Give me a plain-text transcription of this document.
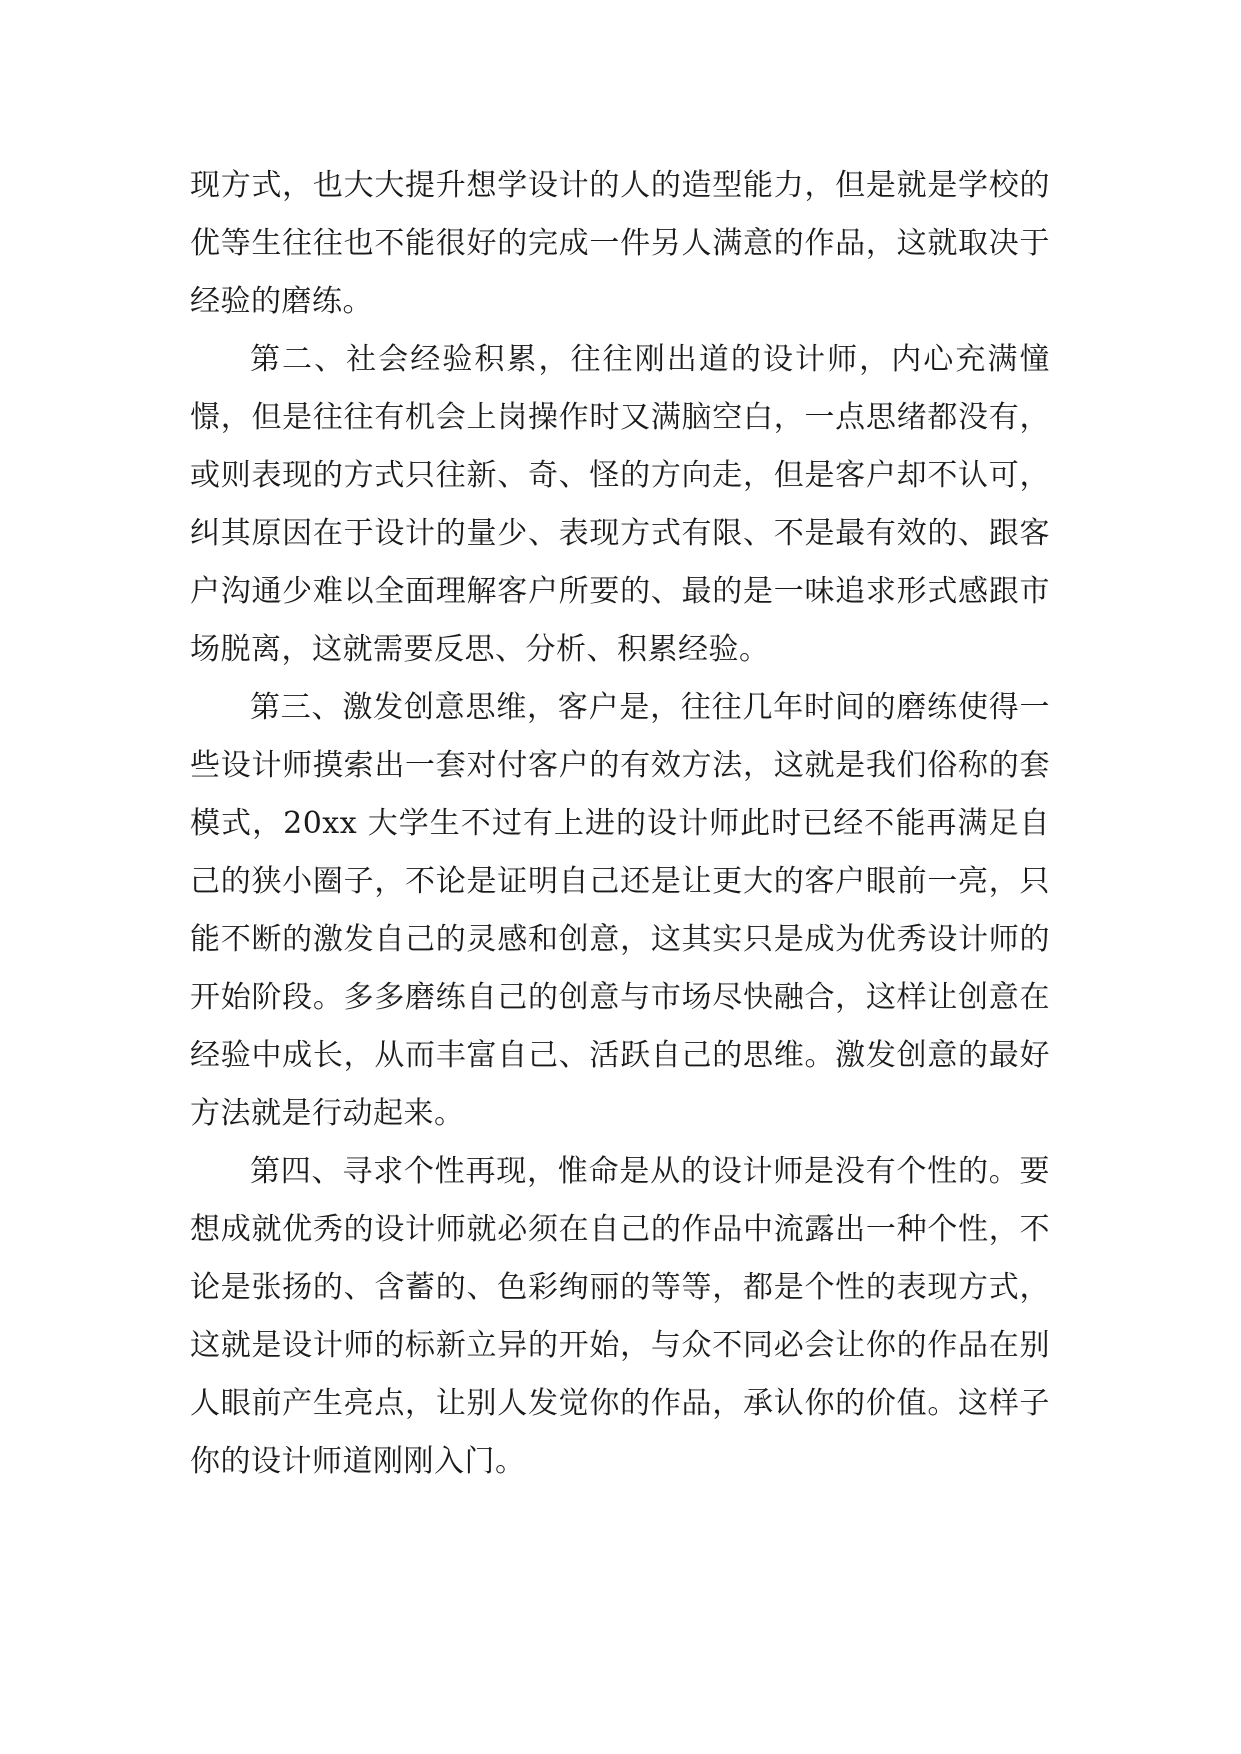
现方式，也大大提升想学设计的人的造型能力，但是就是学校的优等生往往也不能很好的完成一件另人满意的作品，这就取决于经验的磨练。

第二、社会经验积累，往往刚出道的设计师，内心充满憧憬，但是往往有机会上岗操作时又满脑空白，一点思绪都没有，或则表现的方式只往新、奇、怪的方向走，但是客户却不认可，纠其原因在于设计的量少、表现方式有限、不是最有效的、跟客户沟通少难以全面理解客户所要的、最的是一味追求形式感跟市场脱离，这就需要反思、分析、积累经验。

第三、激发创意思维，客户是，往往几年时间的磨练使得一些设计师摸索出一套对付客户的有效方法，这就是我们俗称的套模式，20xx 大学生不过有上进的设计师此时已经不能再满足自己的狭小圈子，不论是证明自己还是让更大的客户眼前一亮，只能不断的激发自己的灵感和创意，这其实只是成为优秀设计师的开始阶段。多多磨练自己的创意与市场尽快融合，这样让创意在经验中成长，从而丰富自己、活跃自己的思维。激发创意的最好方法就是行动起来。

第四、寻求个性再现，惟命是从的设计师是没有个性的。要想成就优秀的设计师就必须在自己的作品中流露出一种个性，不论是张扬的、含蓄的、色彩绚丽的等等，都是个性的表现方式，这就是设计师的标新立异的开始，与众不同必会让你的作品在别人眼前产生亮点，让别人发觉你的作品，承认你的价值。这样子你的设计师道刚刚入门。
